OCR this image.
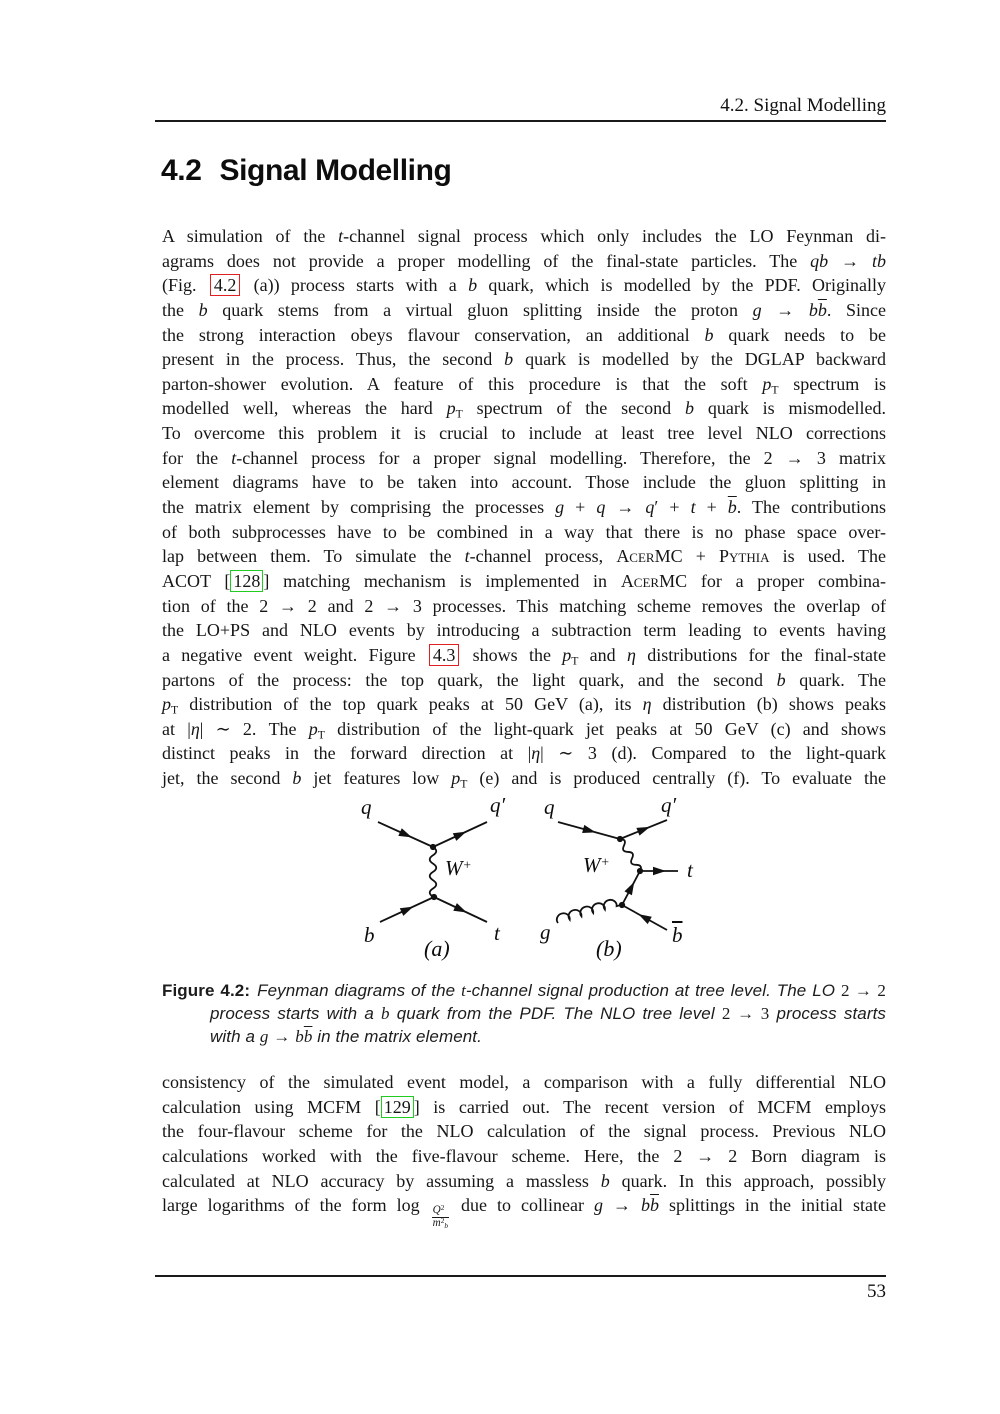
4.2. Signal Modelling
4.2 Signal Modelling
A simulation of the t-channel signal process which only includes the LO Feynman di-
agrams does not provide a proper modelling of the final-state particles. The qb → tb
(Fig. 4.2 (a)) process starts with a b quark, which is modelled by the PDF. Originally
the b quark stems from a virtual gluon splitting inside the proton $g \to b\overline{b}$. Since
the strong interaction obeys flavour conservation, an additional b quark needs to be
present in the process. Thus, the second b quark is modelled by the DGLAP backward
parton-shower evolution. A feature of this procedure is that the soft $p_T$ spectrum is
modelled well, whereas the hard $p_T$ spectrum of the second b quark is mismodelled.
To overcome this problem it is crucial to include at least tree level NLO corrections
for the t-channel process for a proper signal modelling. Therefore, the 2 → 3 matrix
element diagrams have to be taken into account. Those include the gluon splitting in
the matrix element by comprising the processes $g + q \to q' + t + \overline{b}$. The contributions
of both subprocesses have to be combined in a way that there is no phase space over-
lap between them. To simulate the t-channel process, AcerMC + Pythia is used. The
ACOT [ 128 ] matching mechanism is implemented in AcerMC for a proper combina-
tion of the 2 → 2 and 2 → 3 processes. This matching scheme removes the overlap of
the LO+PS and NLO events by introducing a subtraction term leading to events having
a negative event weight. Figure 4.3 shows the $p_T$ and η distributions for the final-state
partons of the process: the top quark, the light quark, and the second b quark. The
$p_T$ distribution of the top quark peaks at 50 GeV (a), its η distribution (b) shows peaks
at |η| ∼ 2. The $p_T$ distribution of the light-quark jet peaks at 50 GeV (c) and shows
distinct peaks in the forward direction at |η| ∼ 3 (d). Compared to the light-quark
jet, the second b jet features low $p_T$ (e) and is produced centrally (f). To evaluate the
q	q′
W+
b	t
(a)
q	q′
W+	t
g	$\overline{b}$
(b)
Figure 4.2: Feynman diagrams of the t-channel signal production at tree level. The LO 2 → 2
process starts with a b quark from the PDF. The NLO tree level 2 → 3 process starts
with a $g \to b\overline{b}$ in the matrix element.
consistency of the simulated event model, a comparison with a fully differential NLO
calculation using MCFM [ 129 ] is carried out. The recent version of MCFM employs
the four-flavour scheme for the NLO calculation of the signal process. Previous NLO
calculations worked with the five-flavour scheme. Here, the 2 → 2 Born diagram is
calculated at NLO accuracy by assuming a massless b quark. In this approach, possibly
large logarithms of the form $\log \frac{Q^2}{m^2_b}$ due to collinear $g \to b\overline{b}$ splittings in the initial state
53
